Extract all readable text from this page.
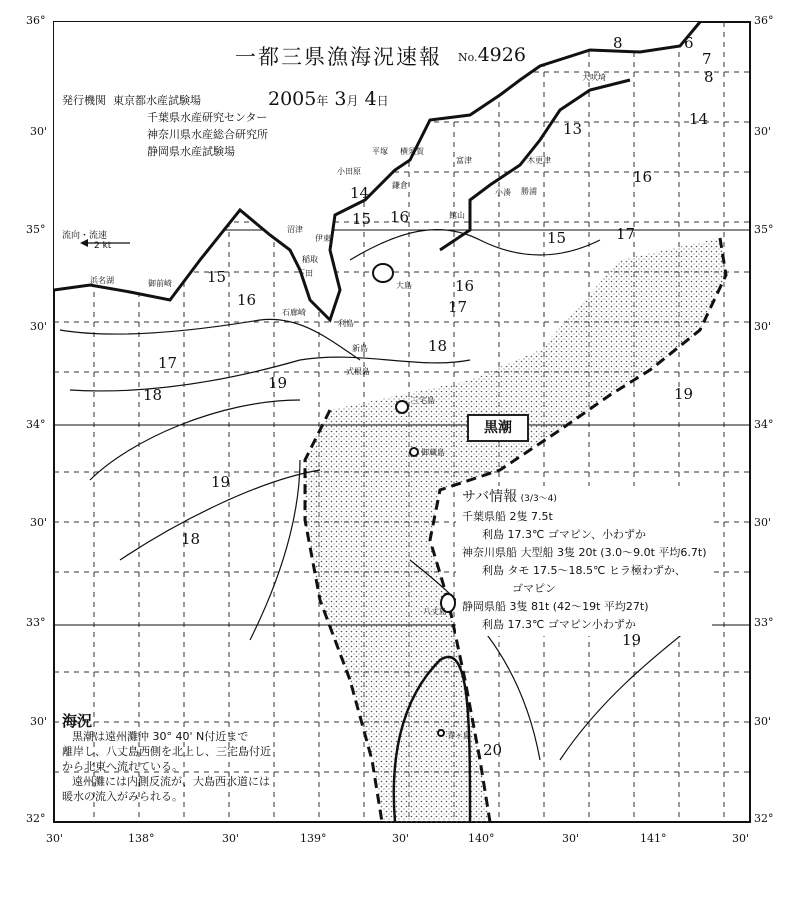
一都三県漁海況速報 No.4926
2005年 3月 4日
発行機関 東京都水産試験場
千葉県水産研究センター
神奈川県水産総合研究所
静岡県水産試験場
流向・流速
2 kt
黒潮
サバ情報 (3/3～4)
千葉県船 2隻 7.5t
利島 17.3℃ ゴマピン、小わずか
神奈川県船 大型船 3隻 20t (3.0～9.0t 平均6.7t)
利島 タモ 17.5～18.5℃ ヒラ極わずか、
ゴマピン
静岡県船 3隻 81t (42～19t 平均27t)
利島 17.3℃ ゴマピン小わずか
海況
黒潮は遠州灘沖 30° 40' N付近まで
離岸し、八丈島西側を北上し、三宅島付近
から北東へ流れている。
遠州灘には内側反流が、大島西水道には
暖水の流入がみられる。
36°
30'
35°
30'
34°
30'
33°
30'
32°
36°
30'
35°
30'
34°
30'
33°
30'
32°
30'	138°	30'	139°	30'	140°	30'	141°	30'
8	6
7
8
13
14
14
16
15 16
15	17
15
16
16
17
18
17
18
19
19
19
18
19
20
大吠埼
平塚 横須賀
富津	木更津
小田原
小湊 勝浦
鎌倉
館山
沼津
伊東
稲取
下田
石廊崎
御前崎
浜名湖
大島
利島
新島
式根島
三宅島
御蔵島
八丈島
青ヶ島
